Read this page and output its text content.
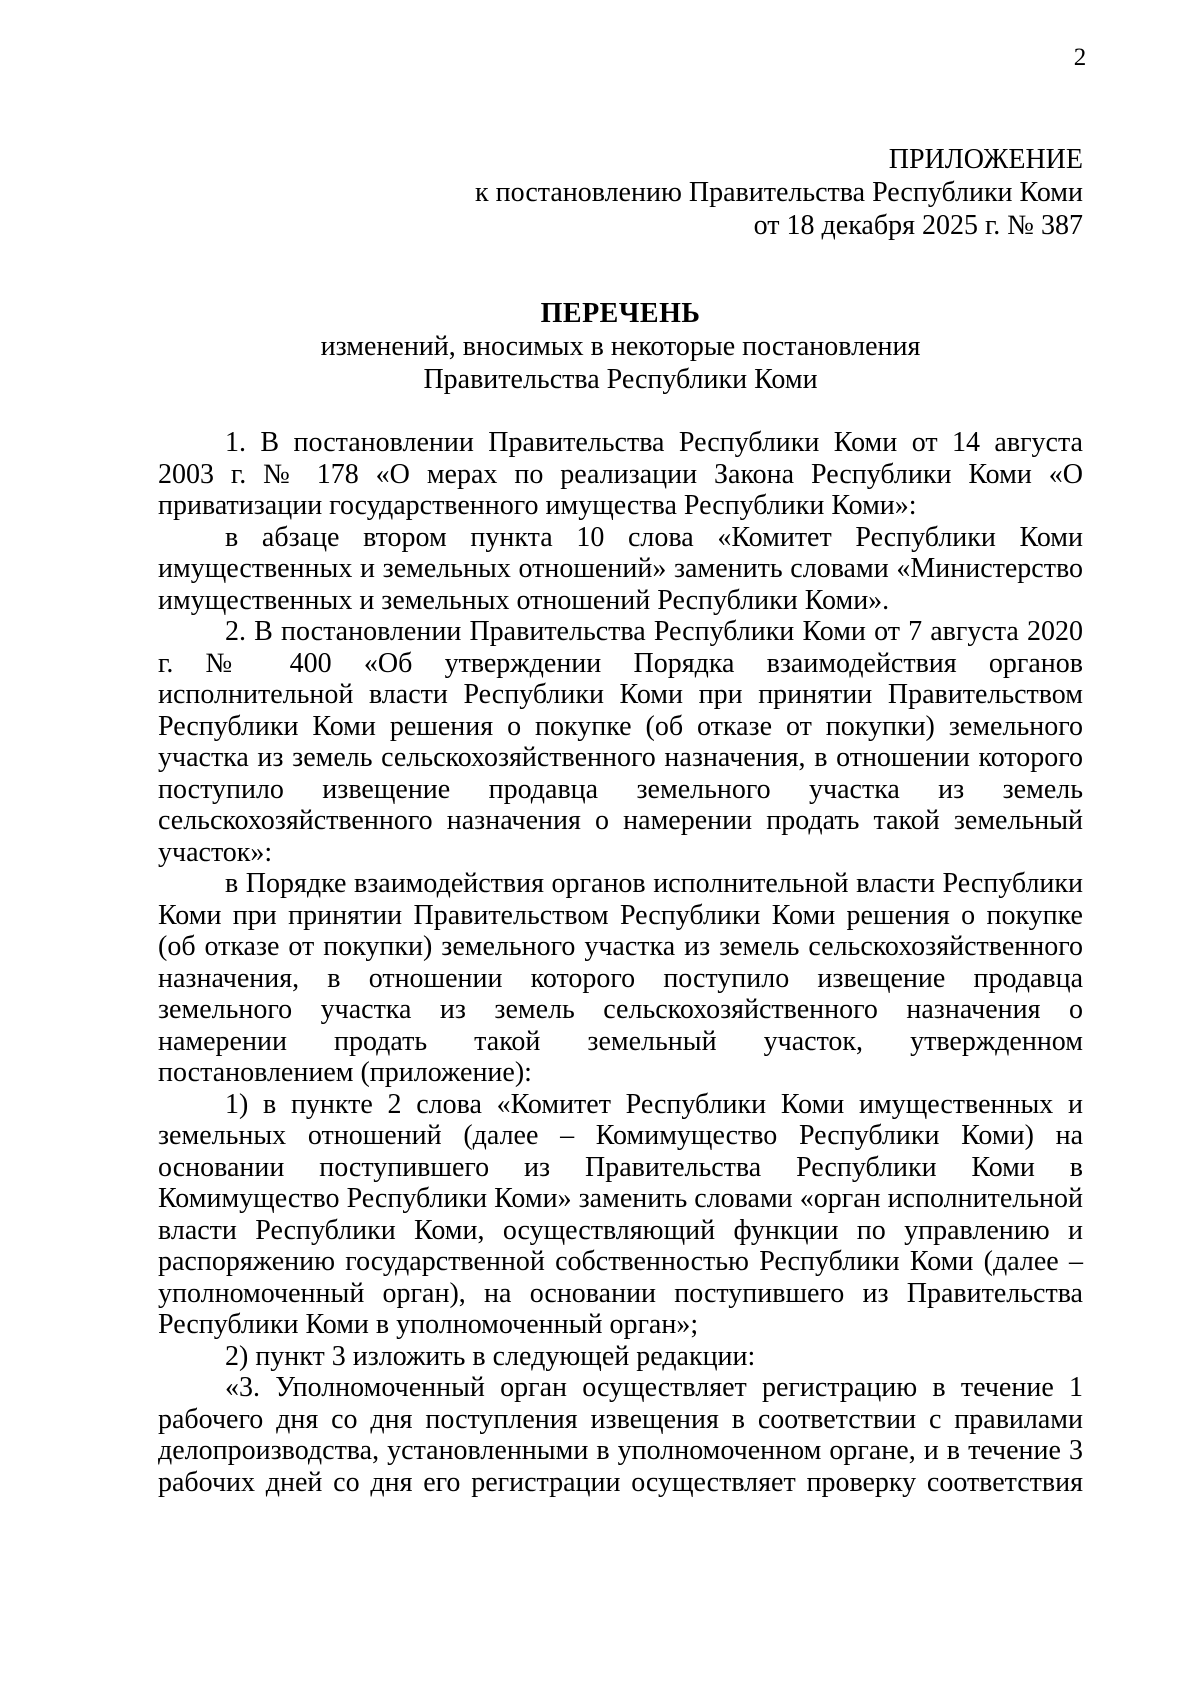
2
ПРИЛОЖЕНИЕ
к постановлению Правительства Республики Коми
от 18 декабря 2025 г. № 387
ПЕРЕЧЕНЬ
изменений, вносимых в некоторые постановления
Правительства Республики Коми

1. В постановлении Правительства Республики Коми от 14 августа 2003 г. № 178 «О мерах по реализации Закона Республики Коми «О приватизации государственного имущества Республики Коми»:

в абзаце втором пункта 10 слова «Комитет Республики Коми имущественных и земельных отношений» заменить словами «Министерство имущественных и земельных отношений Республики Коми».

2. В постановлении Правительства Республики Коми от 7 августа 2020 г. № 400 «Об утверждении Порядка взаимодействия органов исполнительной власти Республики Коми при принятии Правительством Республики Коми решения о покупке (об отказе от покупки) земельного участка из земель сельскохозяйственного назначения, в отношении которого поступило извещение продавца земельного участка из земель сельскохозяйственного назначения о намерении продать такой земельный участок»:

в Порядке взаимодействия органов исполнительной власти Республики Коми при принятии Правительством Республики Коми решения о покупке (об отказе от покупки) земельного участка из земель сельскохозяйственного назначения, в отношении которого поступило извещение продавца земельного участка из земель сельскохозяйственного назначения о намерении продать такой земельный участок, утвержденном постановлением (приложение):

1) в пункте 2 слова «Комитет Республики Коми имущественных и земельных отношений (далее – Комимущество Республики Коми) на основании поступившего из Правительства Республики Коми в Комимущество Республики Коми» заменить словами «орган исполнительной власти Республики Коми, осуществляющий функции по управлению и распоряжению государственной собственностью Республики Коми (далее – уполномоченный орган), на основании поступившего из Правительства Республики Коми в уполномоченный орган»;

2) пункт 3 изложить в следующей редакции:

«3. Уполномоченный орган осуществляет регистрацию в течение 1 рабочего дня со дня поступления извещения в соответствии с правилами делопроизводства, установленными в уполномоченном органе, и в течение 3 рабочих дней со дня его регистрации осуществляет проверку соответствия
